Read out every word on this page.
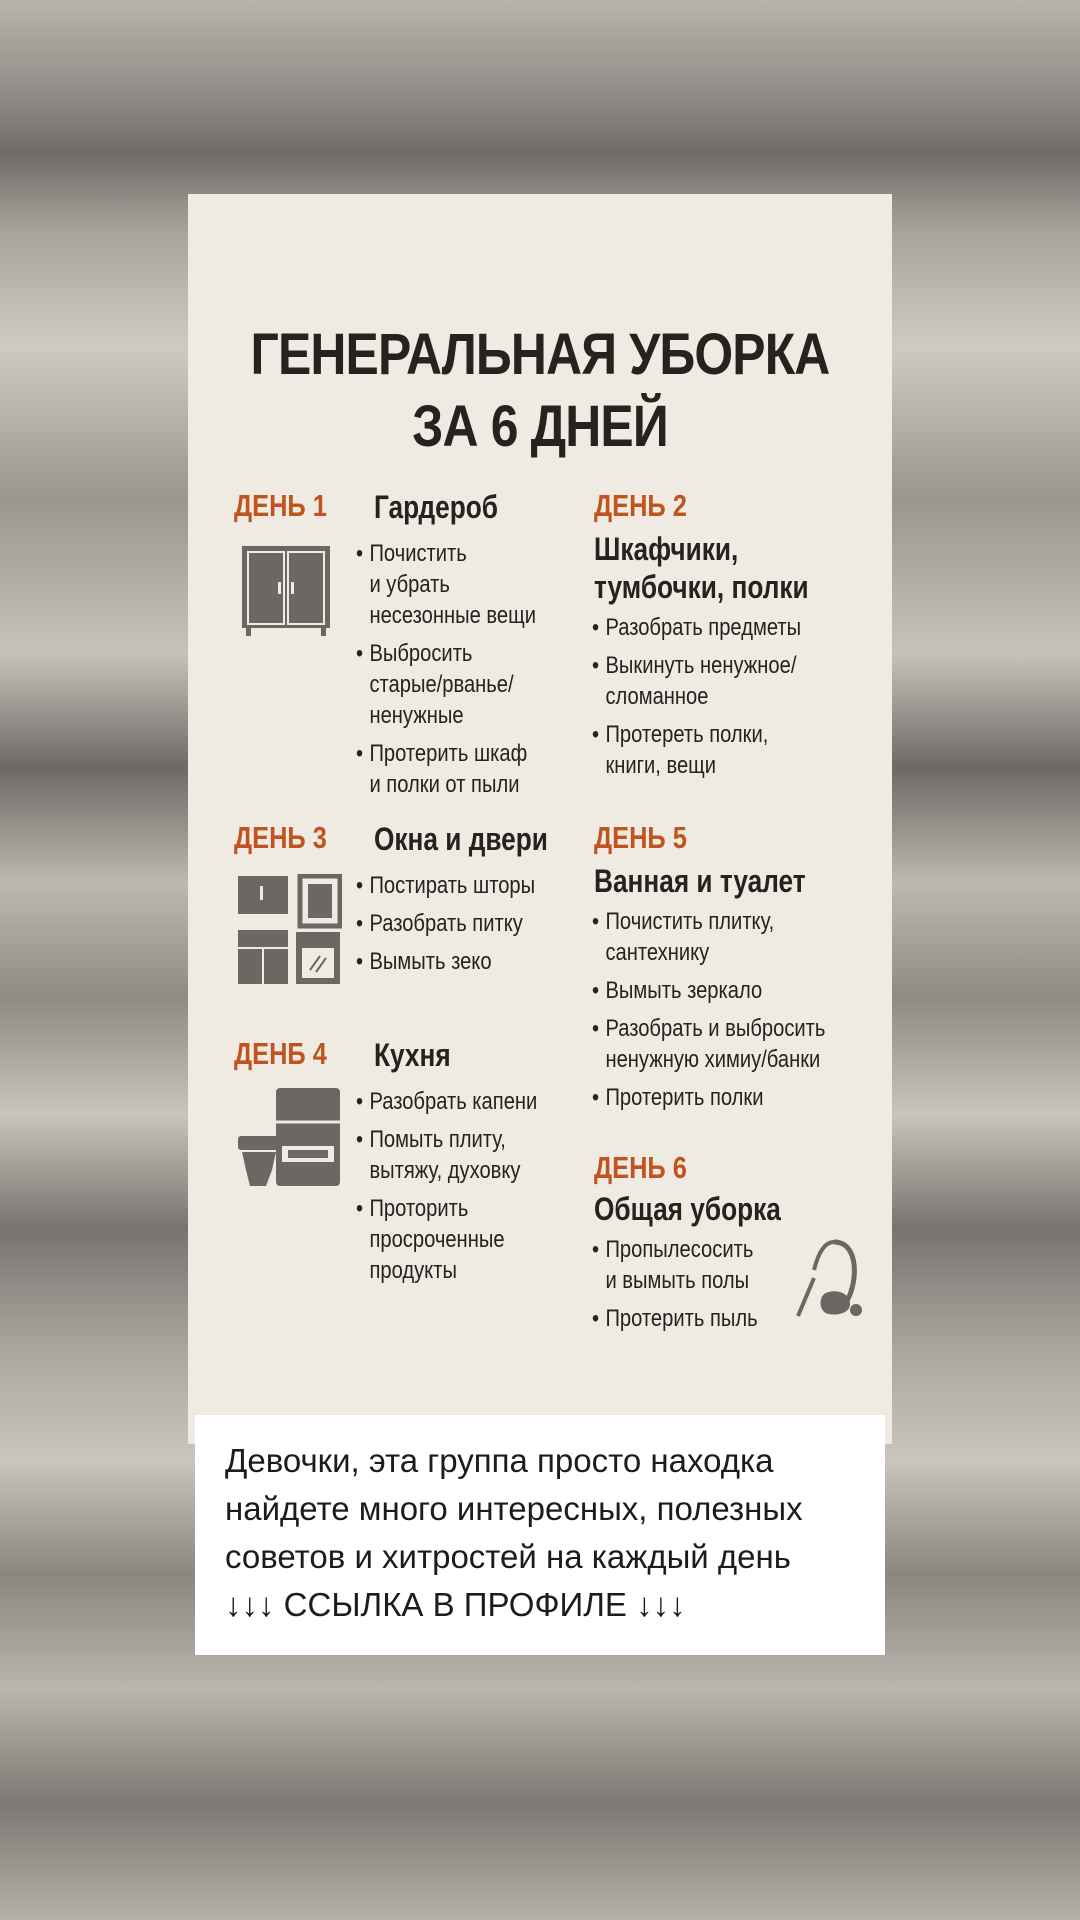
ГЕНЕРАЛЬНАЯ УБОРКА
ЗА 6 ДНЕЙ
ДЕНЬ 1 Гардероб
• Почистить
и убрать
несезонные вещи
• Выбросить
старые/рваньe/
ненужные
• Протерить шкаф
и полки от пыли
ДЕНЬ 2
Шкафчики,
тумбочки, полки
• Разобрать предметы
• Выкинуть ненужное/
сломанное
• Протереть полки,
книги, вещи
ДЕНЬ 3 Окна и двери
• Постирать шторы
• Разобрать питку
• Вымыть зеко
ДЕНБ 4 Кухня
• Разобрать капени
• Помыть плиту,
вытяжу, духовку
• Проторить
просроченные
продукты
ДЕНЬ 5
Ванная и туалет
• Почистить плитку,
сантехнику
• Вымыть зеркало
• Разобрать и выбросить
ненужную химиу/банки
• Протерить полки
ДЕНЬ 6
Общая уборка
• Пропылесосить
и вымыть полы
• Протерить пыль

Девочки, эта группа просто находка
найдете много интересных, полезных
советов и хитростей на каждый день
↓↓↓ ССЫЛКА В ПРОФИЛЕ ↓↓↓
